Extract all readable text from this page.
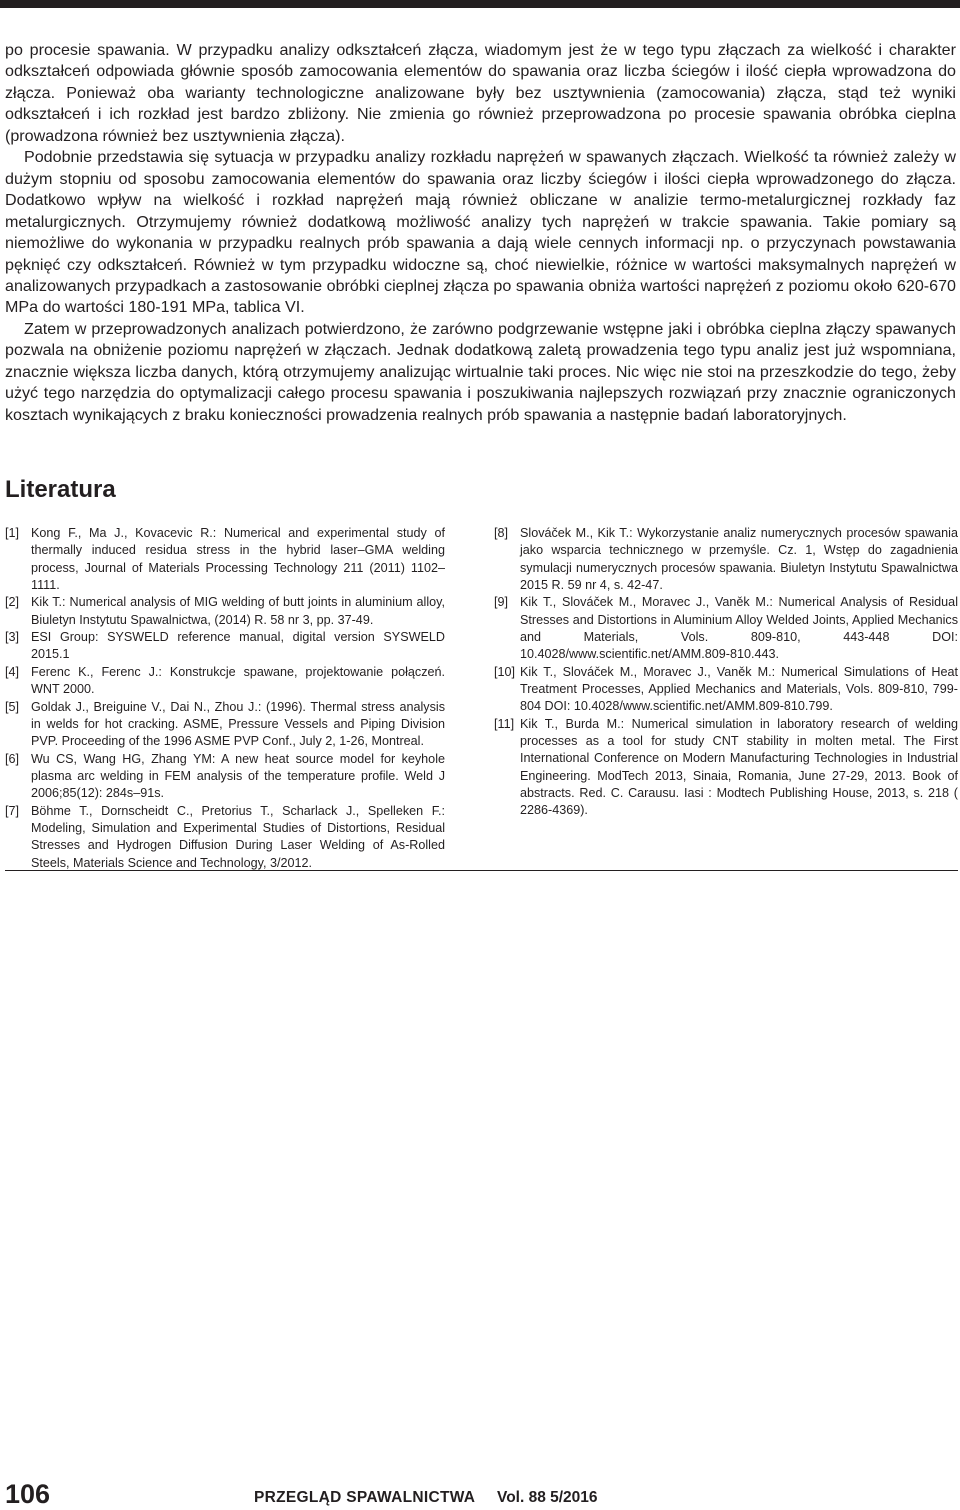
po procesie spawania. W przypadku analizy odkształceń złącza, wiadomym jest że w tego typu złączach za wielkość i charakter odkształceń odpowiada głównie sposób zamocowania elementów do spawania oraz liczba ściegów i ilość ciepła wprowadzona do złącza. Ponieważ oba warianty technologiczne analizowane były bez usztywnienia (zamocowania) złącza, stąd też wyniki odkształceń i ich rozkład jest bardzo zbliżony. Nie zmienia go również przeprowadzona po procesie spawania obróbka cieplna (prowadzona również bez usztywnienia złącza).

Podobnie przedstawia się sytuacja w przypadku analizy rozkładu naprężeń w spawanych złączach. Wielkość ta również zależy w dużym stopniu od sposobu zamocowania elementów do spawania oraz liczby ściegów i ilości ciepła wprowadzonego do złącza. Dodatkowo wpływ na wielkość i rozkład naprężeń mają również obliczane w analizie termo-metalurgicznej rozkłady faz metalurgicznych. Otrzymujemy również dodatkową możliwość analizy tych naprężeń w trakcie spawania. Takie pomiary są niemożliwe do wykonania w przypadku realnych prób spawania a dają wiele cennych informacji np. o przyczynach powstawania pęknięć czy odkształceń. Również w tym przypadku widoczne są, choć niewielkie, różnice w wartości maksymalnych naprężeń w analizowanych przypadkach a zastosowanie obróbki cieplnej złącza po spawania obniża wartości naprężeń z poziomu około 620-670 MPa do wartości 180-191 MPa, tablica VI.

Zatem w przeprowadzonych analizach potwierdzono, że zarówno podgrzewanie wstępne jaki i obróbka cieplna złączy spawanych pozwala na obniżenie poziomu naprężeń w złączach. Jednak dodatkową zaletą prowadzenia tego typu analiz jest już wspomniana, znacznie większa liczba danych, którą otrzymujemy analizując wirtualnie taki proces. Nic więc nie stoi na przeszkodzie do tego, żeby użyć tego narzędzia do optymalizacji całego procesu spawania i poszukiwania najlepszych rozwiązań przy znacznie ograniczonych kosztach wynikających z braku konieczności prowadzenia realnych prób spawania a następnie badań laboratoryjnych.

Literatura
[1] Kong F., Ma J., Kovacevic R.: Numerical and experimental study of thermally induced residua stress in the hybrid laser–GMA welding process, Journal of Materials Processing Technology 211 (2011) 1102–1111.
[2] Kik T.: Numerical analysis of MIG welding of butt joints in aluminium alloy, Biuletyn Instytutu Spawalnictwa, (2014) R. 58 nr 3, pp. 37-49.
[3] ESI Group: SYSWELD reference manual, digital version SYSWELD 2015.1
[4] Ferenc K., Ferenc J.: Konstrukcje spawane, projektowanie połączeń. WNT 2000.
[5] Goldak J., Breiguine V., Dai N., Zhou J.: (1996). Thermal stress analysis in welds for hot cracking. ASME, Pressure Vessels and Piping Division PVP. Proceeding of the 1996 ASME PVP Conf., July 2, 1-26, Montreal.
[6] Wu CS, Wang HG, Zhang YM: A new heat source model for keyhole plasma arc welding in FEM analysis of the temperature profile. Weld J 2006;85(12): 284s–91s.
[7] Böhme T., Dornscheidt C., Pretorius T., Scharlack J., Spelleken F.: Modeling, Simulation and Experimental Studies of Distortions, Residual Stresses and Hydrogen Diffusion During Laser Welding of As-Rolled Steels, Materials Science and Technology, 3/2012.
[8] Slováček M., Kik T.: Wykorzystanie analiz numerycznych procesów spawania jako wsparcia technicznego w przemyśle. Cz. 1, Wstęp do zagadnienia symulacji numerycznych procesów spawania. Biuletyn Instytutu Spawalnictwa 2015 R. 59 nr 4, s. 42-47.
[9] Kik T., Slováček M., Moravec J., Vaněk M.: Numerical Analysis of Residual Stresses and Distortions in Aluminium Alloy Welded Joints, Applied Mechanics and Materials, Vols. 809-810, 443-448 DOI: 10.4028/www.scientific.net/AMM.809-810.443.
[10] Kik T., Slováček M., Moravec J., Vaněk M.: Numerical Simulations of Heat Treatment Processes, Applied Mechanics and Materials, Vols. 809-810, 799-804 DOI: 10.4028/www.scientific.net/AMM.809-810.799.
[11] Kik T., Burda M.: Numerical simulation in laboratory research of welding processes as a tool for study CNT stability in molten metal. The First International Conference on Modern Manufacturing Technologies in Industrial Engineering. ModTech 2013, Sinaia, Romania, June 27-29, 2013. Book of abstracts. Red. C. Carausu. Iasi : Modtech Publishing House, 2013, s. 218 ( 2286-4369).
106	PRZEGLĄD SPAWALNICTWA Vol. 88 5/2016
